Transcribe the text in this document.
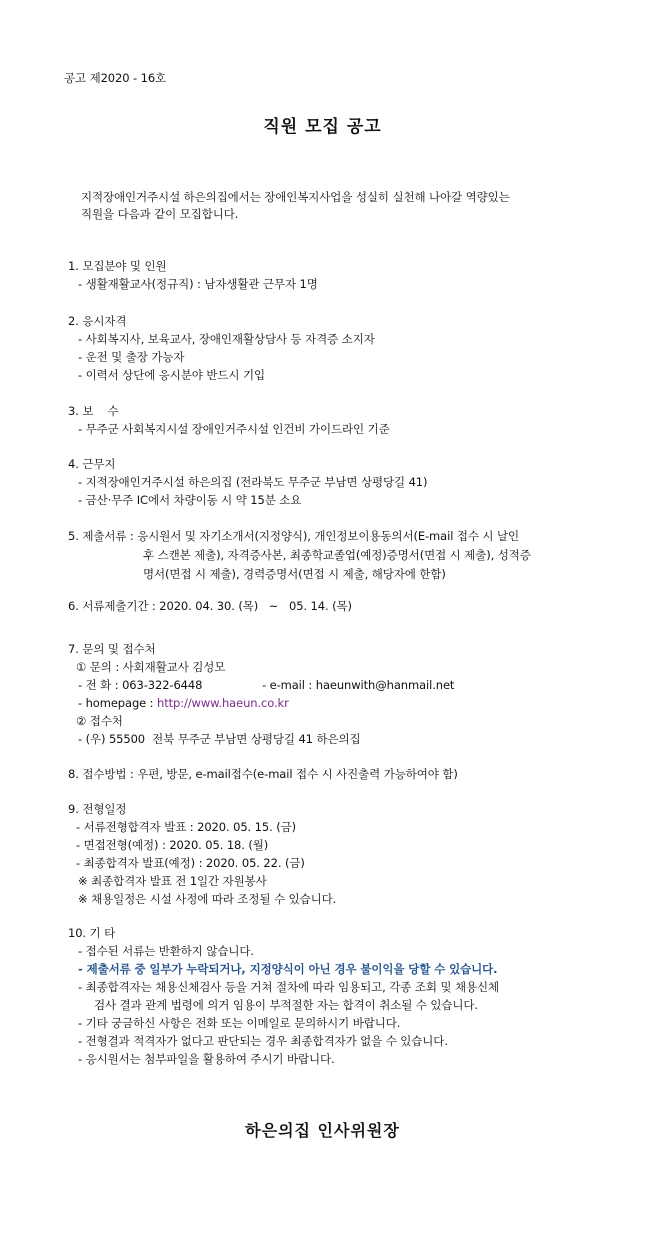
공고 제2020 - 16호
직원 모집 공고
지적장애인거주시설 하은의집에서는 장애인복지사업을 성실히 실천해 나아갈 역량있는
직원을 다음과 같이 모집합니다.
1. 모집분야 및 인원
- 생활재활교사(정규직) : 남자생활관 근무자 1명
2. 응시자격
- 사회복지사, 보육교사, 장애인재활상담사 등 자격증 소지자
- 운전 및 출장 가능자
- 이력서 상단에 응시분야 반드시 기입
3. 보    수
- 무주군 사회복지시설 장애인거주시설 인건비 가이드라인 기준
4. 근무지
- 지적장애인거주시설 하은의집 (전라북도 무주군 부남면 상평당길 41)
- 금산·무주 IC에서 차량이동 시 약 15분 소요
5. 제출서류 : 응시원서 및 자기소개서(지정양식), 개인정보이용동의서(E-mail 접수 시 날인
후 스캔본 제출), 자격증사본, 최종학교졸업(예정)증명서(면접 시 제출), 성적증
명서(면접 시 제출), 경력증명서(면접 시 제출, 해당자에 한함)
6. 서류제출기간 : 2020. 04. 30. (목)   ~   05. 14. (목)
7. 문의 및 접수처
① 문의 : 사회재활교사 김성모
- 전 화 : 063-322-6448	- e-mail : haeunwith@hanmail.net
- homepage : http://www.haeun.co.kr
② 접수처
- (우) 55500  전북 무주군 부남면 상평당길 41 하은의집
8. 접수방법 : 우편, 방문, e-mail접수(e-mail 접수 시 사진출력 가능하여야 함)
9. 전형일정
- 서류전형합격자 발표 : 2020. 05. 15. (금)
- 면접전형(예정) : 2020. 05. 18. (월)
- 최종합격자 발표(예정) : 2020. 05. 22. (금)
※ 최종합격자 발표 전 1일간 자원봉사
※ 채용일정은 시설 사정에 따라 조정될 수 있습니다.
10. 기 타
- 접수된 서류는 반환하지 않습니다.
- 제출서류 중 일부가 누락되거나, 지정양식이 아닌 경우 불이익을 당할 수 있습니다.
- 최종합격자는 채용신체검사 등을 거쳐 절차에 따라 임용되고, 각종 조회 및 채용신체
검사 결과 관계 법령에 의거 임용이 부적절한 자는 합격이 취소될 수 있습니다.
- 기타 궁금하신 사항은 전화 또는 이메일로 문의하시기 바랍니다.
- 전형결과 적격자가 없다고 판단되는 경우 최종합격자가 없을 수 있습니다.
- 응시원서는 첨부파일을 활용하여 주시기 바랍니다.
하은의집 인사위원장
